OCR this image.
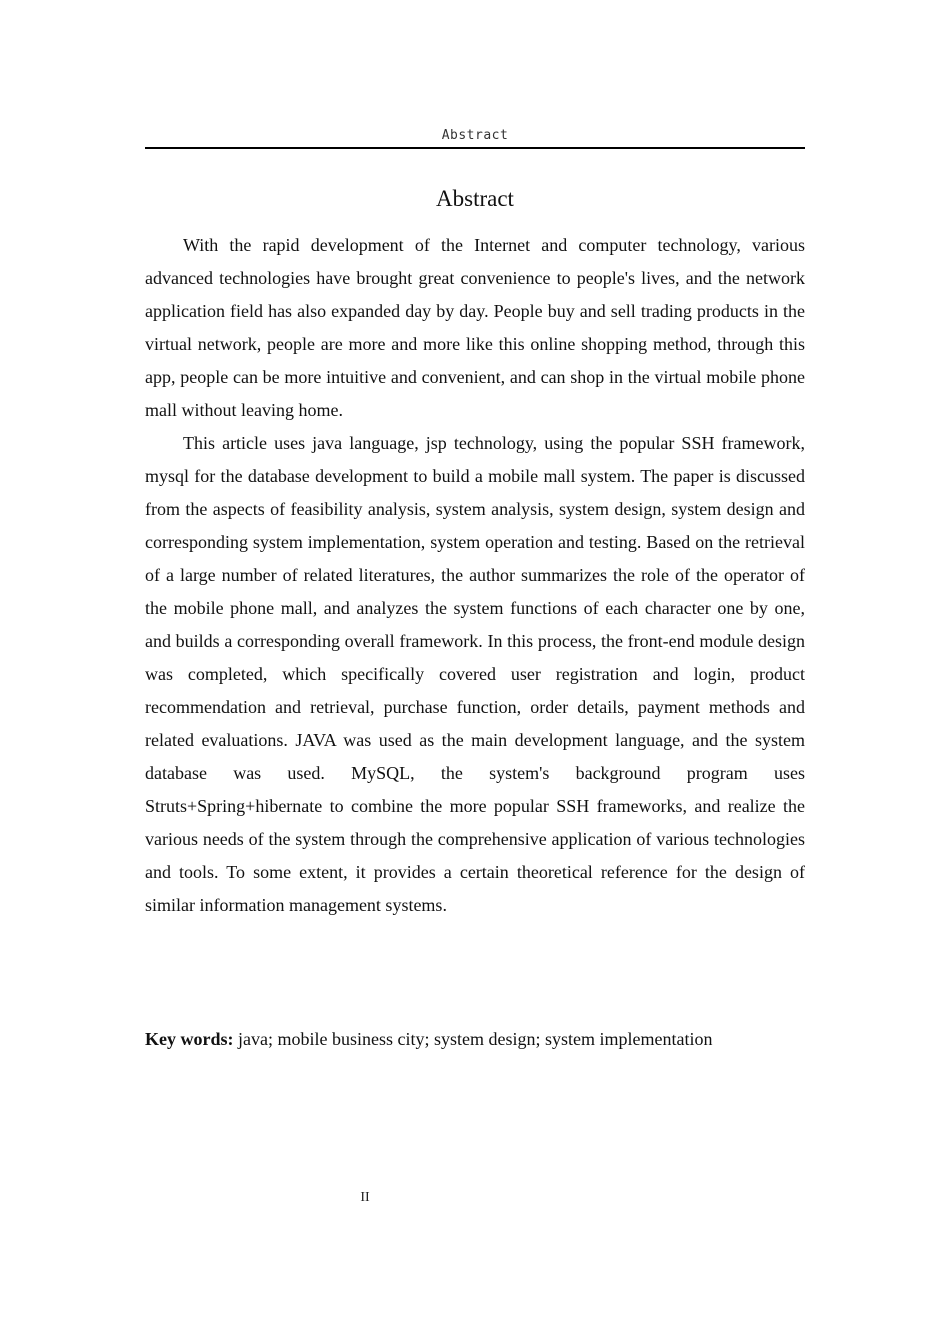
Abstract
Abstract

With the rapid development of the Internet and computer technology, various advanced technologies have brought great convenience to people's lives, and the network application field has also expanded day by day. People buy and sell trading products in the virtual network, people are more and more like this online shopping method, through this app, people can be more intuitive and convenient, and can shop in the virtual mobile phone mall without leaving home.

This article uses java language, jsp technology, using the popular SSH framework, mysql for the database development to build a mobile mall system. The paper is discussed from the aspects of feasibility analysis, system analysis, system design, system design and corresponding system implementation, system operation and testing. Based on the retrieval of a large number of related literatures, the author summarizes the role of the operator of the mobile phone mall, and analyzes the system functions of each character one by one, and builds a corresponding overall framework. In this process, the front-end module design was completed, which specifically covered user registration and login, product recommendation and retrieval, purchase function, order details, payment methods and related evaluations. JAVA was used as the main development language, and the system database was used. MySQL, the system's background program uses Struts+Spring+hibernate to combine the more popular SSH frameworks, and realize the various needs of the system through the comprehensive application of various technologies and tools. To some extent, it provides a certain theoretical reference for the design of similar information management systems.

Key words: java; mobile business city; system design; system implementation
II
